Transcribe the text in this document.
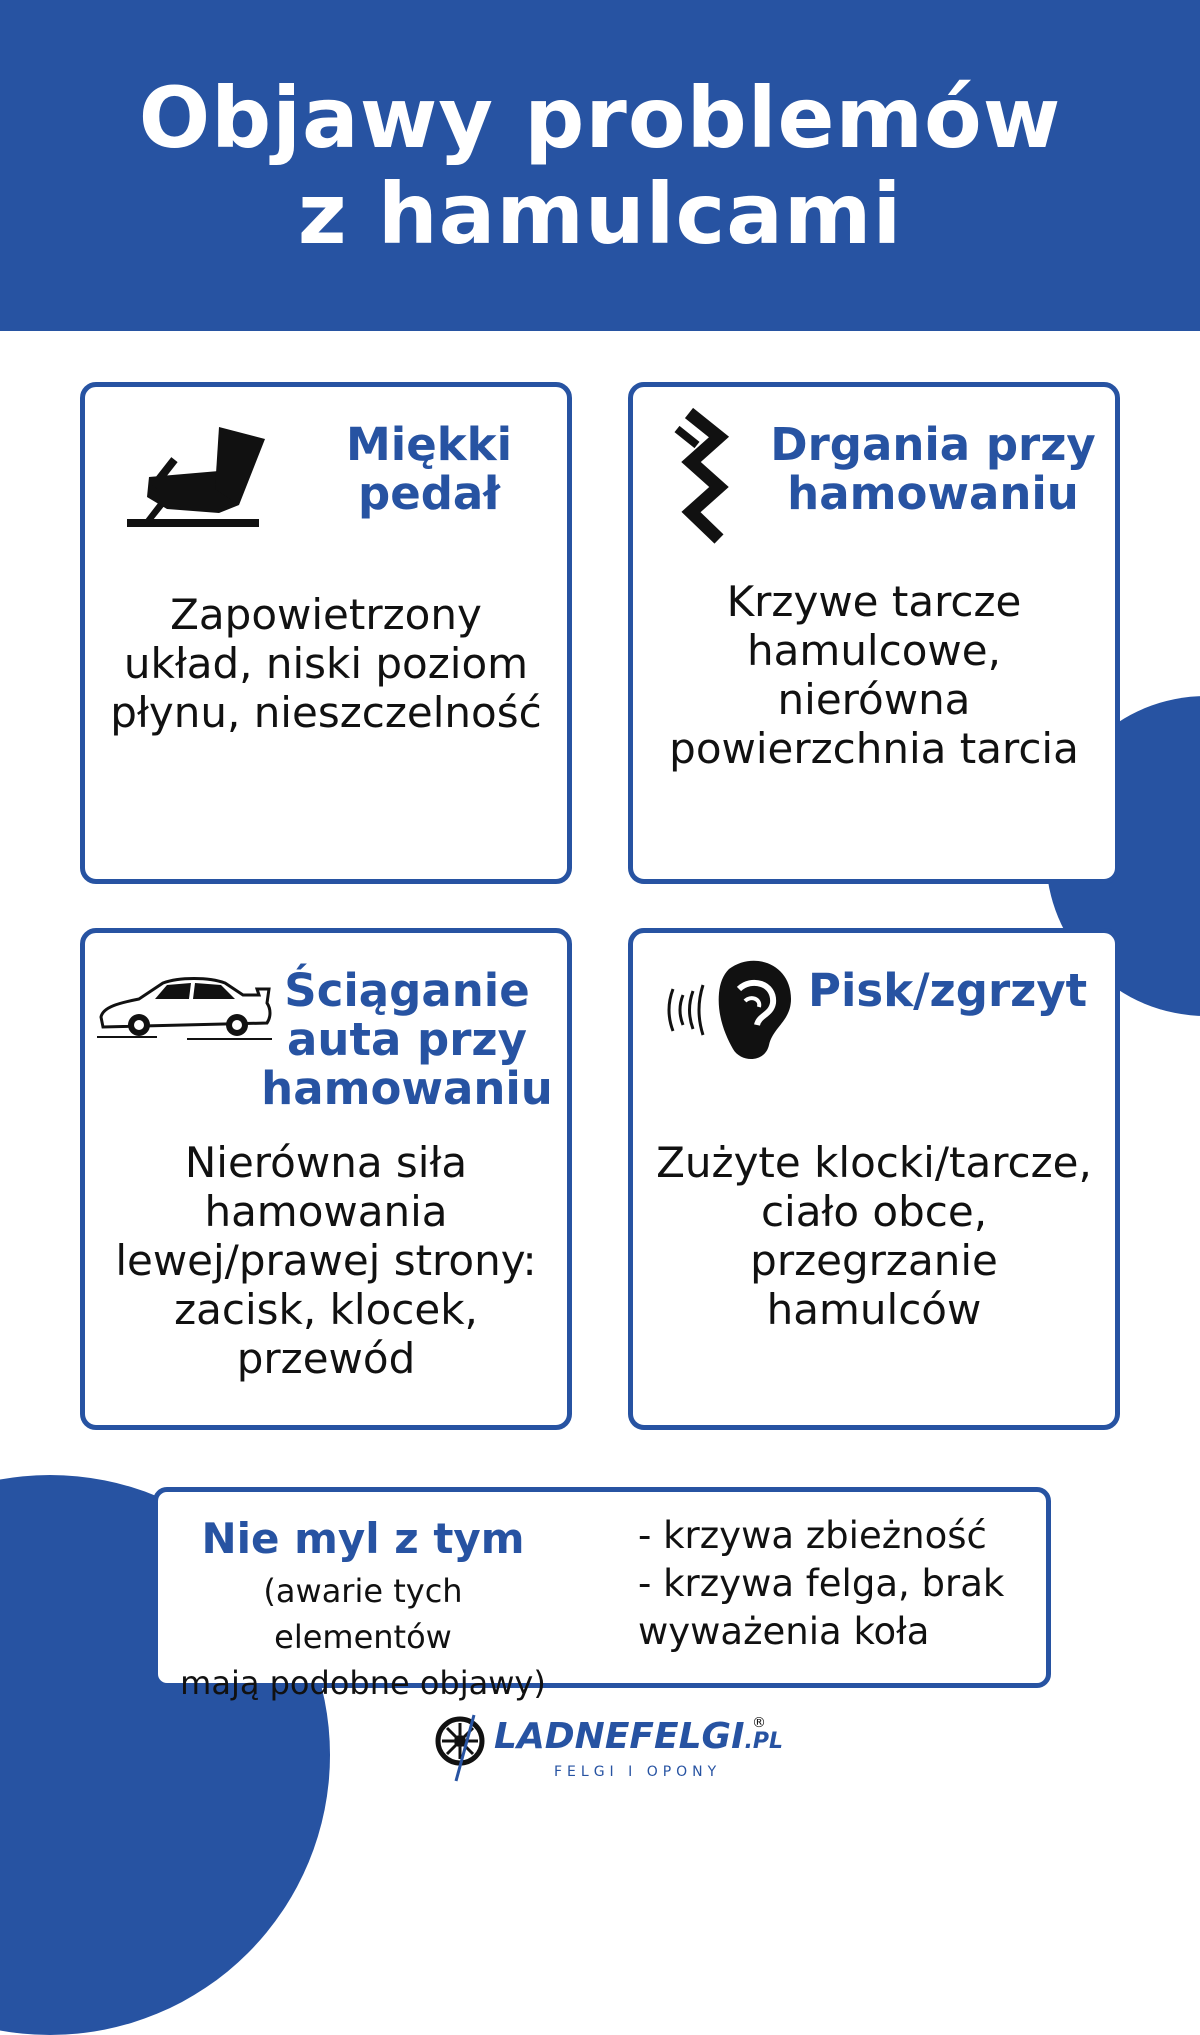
Objawy problemów
z hamulcami
Miękki
pedał

Zapowietrzony
układ, niski poziom
płynu, nieszczelność

Drgania przy
hamowaniu

Krzywe tarcze
hamulcowe,
nierówna
powierzchnia tarcia

Ściąganie
auta przy
hamowaniu

Nierówna siła
hamowania
lewej/prawej strony:
zacisk, klocek,
przewód

Pisk/zgrzyt

Zużyte klocki/tarcze,
ciało obce,
przegrzanie
hamulców

Nie myl z tym

(awarie tych elementów
mają podobne objawy)

- krzywa zbieżność

- krzywa felga, brak

wyważenia koła

LADNEFELGI.PL

®

FELGI I OPONY
